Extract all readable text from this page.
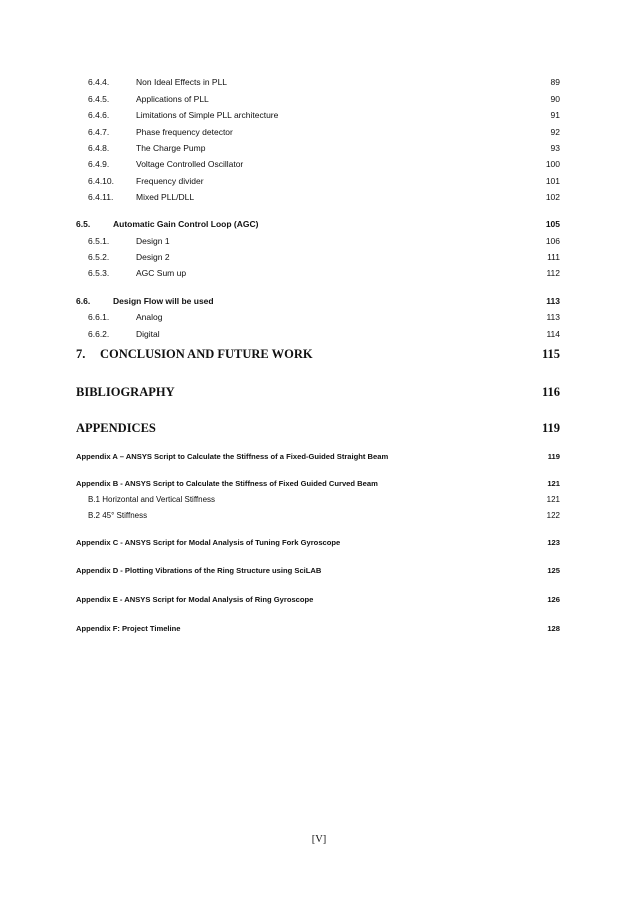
6.4.4.	Non Ideal Effects in PLL	89
6.4.5.	Applications of PLL	90
6.4.6.	Limitations of Simple PLL architecture	91
6.4.7.	Phase frequency detector	92
6.4.8.	The Charge Pump	93
6.4.9.	Voltage Controlled Oscillator	100
6.4.10.	Frequency divider	101
6.4.11.	Mixed PLL/DLL	102
6.5.	Automatic Gain Control Loop (AGC)	105
6.5.1.	Design 1	106
6.5.2.	Design 2	111
6.5.3.	AGC Sum up	112
6.6.	Design Flow will be used	113
6.6.1.	Analog	113
6.6.2.	Digital	114
7.	CONCLUSION AND FUTURE WORK	115
BIBLIOGRAPHY	116
APPENDICES	119
Appendix A – ANSYS Script to Calculate the Stiffness of a Fixed-Guided Straight Beam	119
Appendix B - ANSYS Script to Calculate the Stiffness of Fixed Guided Curved Beam	121
B.1 Horizontal and Vertical Stiffness	121
B.2 45° Stiffness	122
Appendix C - ANSYS Script for Modal Analysis of Tuning Fork Gyroscope	123
Appendix D - Plotting Vibrations of the Ring Structure using SciLAB	125
Appendix E - ANSYS Script for Modal Analysis of Ring Gyroscope	126
Appendix F: Project Timeline	128
[V]
